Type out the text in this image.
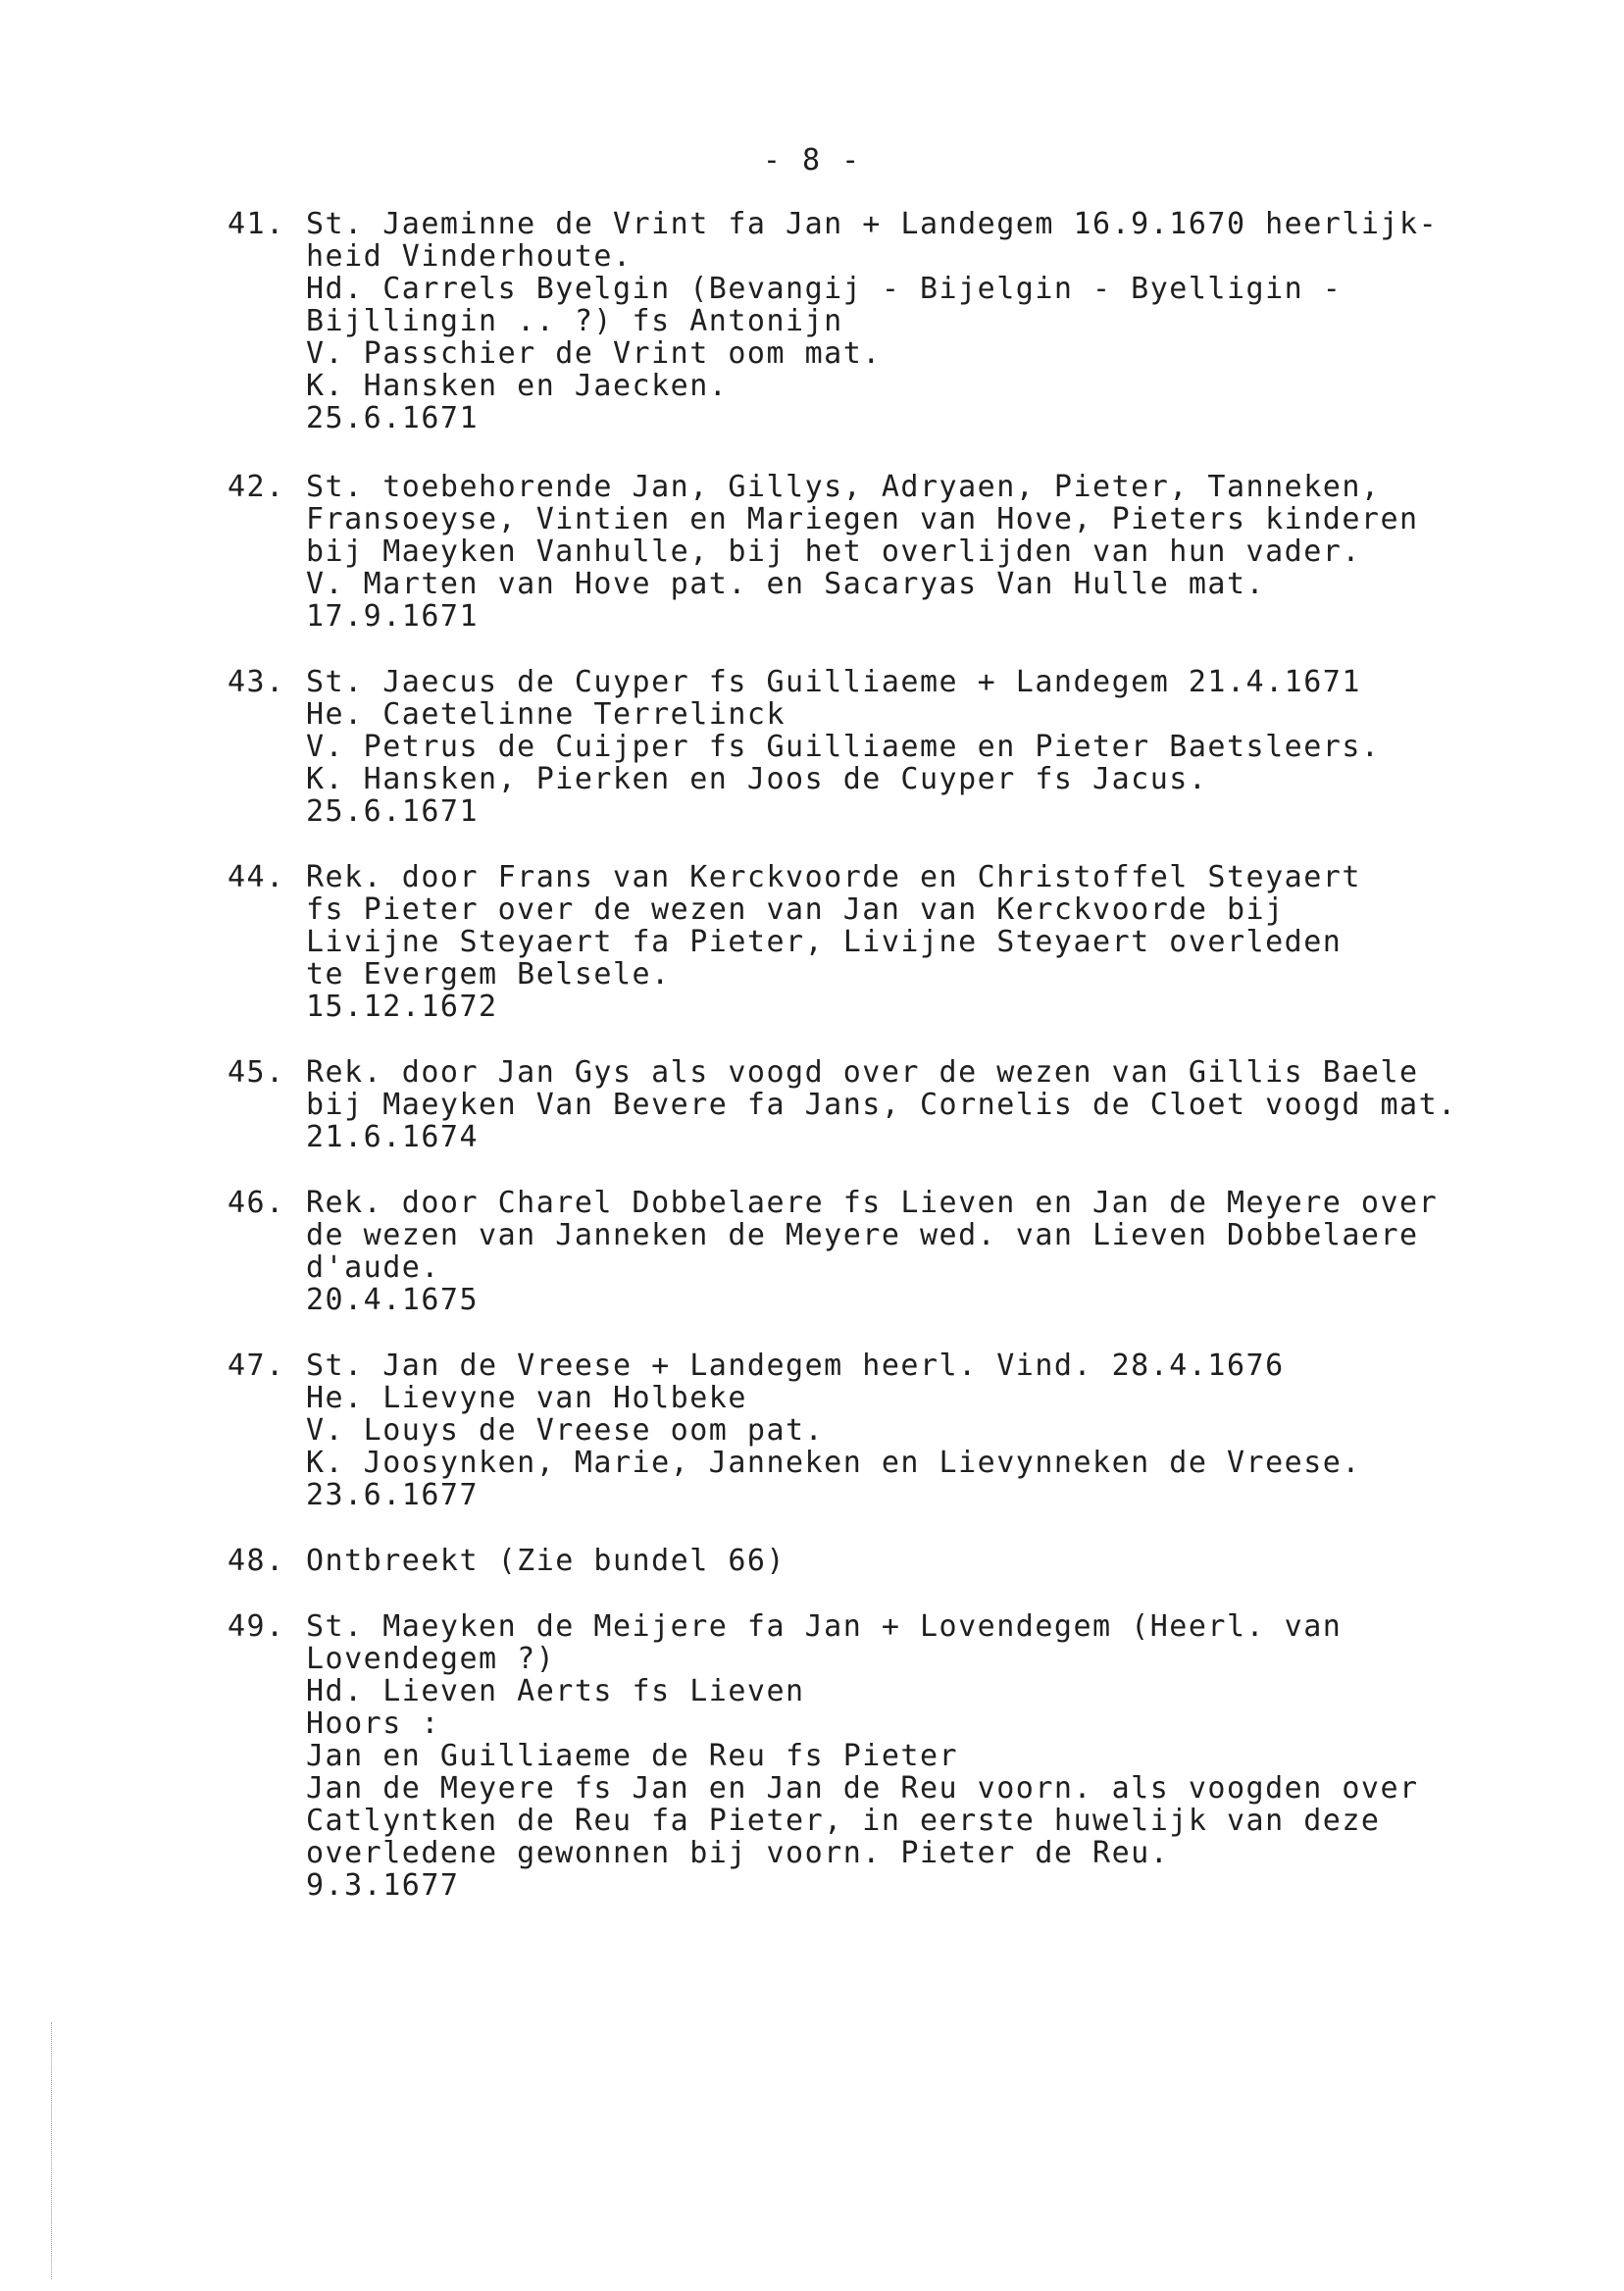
- 8 -
41. St. Jaeminne de Vrint fa Jan + Landegem 16.9.1670 heerlijk-
heid Vinderhoute.
Hd. Carrels Byelgin (Bevangij - Bijelgin - Byelligin -
Bijllingin .. ?) fs Antonijn
V. Passchier de Vrint oom mat.
K. Hansken en Jaecken.
25.6.1671
42. St. toebehorende Jan, Gillys, Adryaen, Pieter, Tanneken,
Fransoeyse, Vintien en Mariegen van Hove, Pieters kinderen
bij Maeyken Vanhulle, bij het overlijden van hun vader.
V. Marten van Hove pat. en Sacaryas Van Hulle mat.
17.9.1671
43. St. Jaecus de Cuyper fs Guilliaeme + Landegem 21.4.1671
He. Caetelinne Terrelinck
V. Petrus de Cuijper fs Guilliaeme en Pieter Baetsleers.
K. Hansken, Pierken en Joos de Cuyper fs Jacus.
25.6.1671
44. Rek. door Frans van Kerckvoorde en Christoffel Steyaert
fs Pieter over de wezen van Jan van Kerckvoorde bij
Livijne Steyaert fa Pieter, Livijne Steyaert overleden
te Evergem Belsele.
15.12.1672
45. Rek. door Jan Gys als voogd over de wezen van Gillis Baele
bij Maeyken Van Bevere fa Jans, Cornelis de Cloet voogd mat.
21.6.1674
46. Rek. door Charel Dobbelaere fs Lieven en Jan de Meyere over
de wezen van Janneken de Meyere wed. van Lieven Dobbelaere
d'aude.
20.4.1675
47. St. Jan de Vreese + Landegem heerl. Vind. 28.4.1676
He. Lievyne van Holbeke
V. Louys de Vreese oom pat.
K. Joosynken, Marie, Janneken en Lievynneken de Vreese.
23.6.1677
48. Ontbreekt (Zie bundel 66)
49. St. Maeyken de Meijere fa Jan + Lovendegem (Heerl. van
Lovendegem ?)
Hd. Lieven Aerts fs Lieven
Hoors :
Jan en Guilliaeme de Reu fs Pieter
Jan de Meyere fs Jan en Jan de Reu voorn. als voogden over
Catlyntken de Reu fa Pieter, in eerste huwelijk van deze
overledene gewonnen bij voorn. Pieter de Reu.
9.3.1677
